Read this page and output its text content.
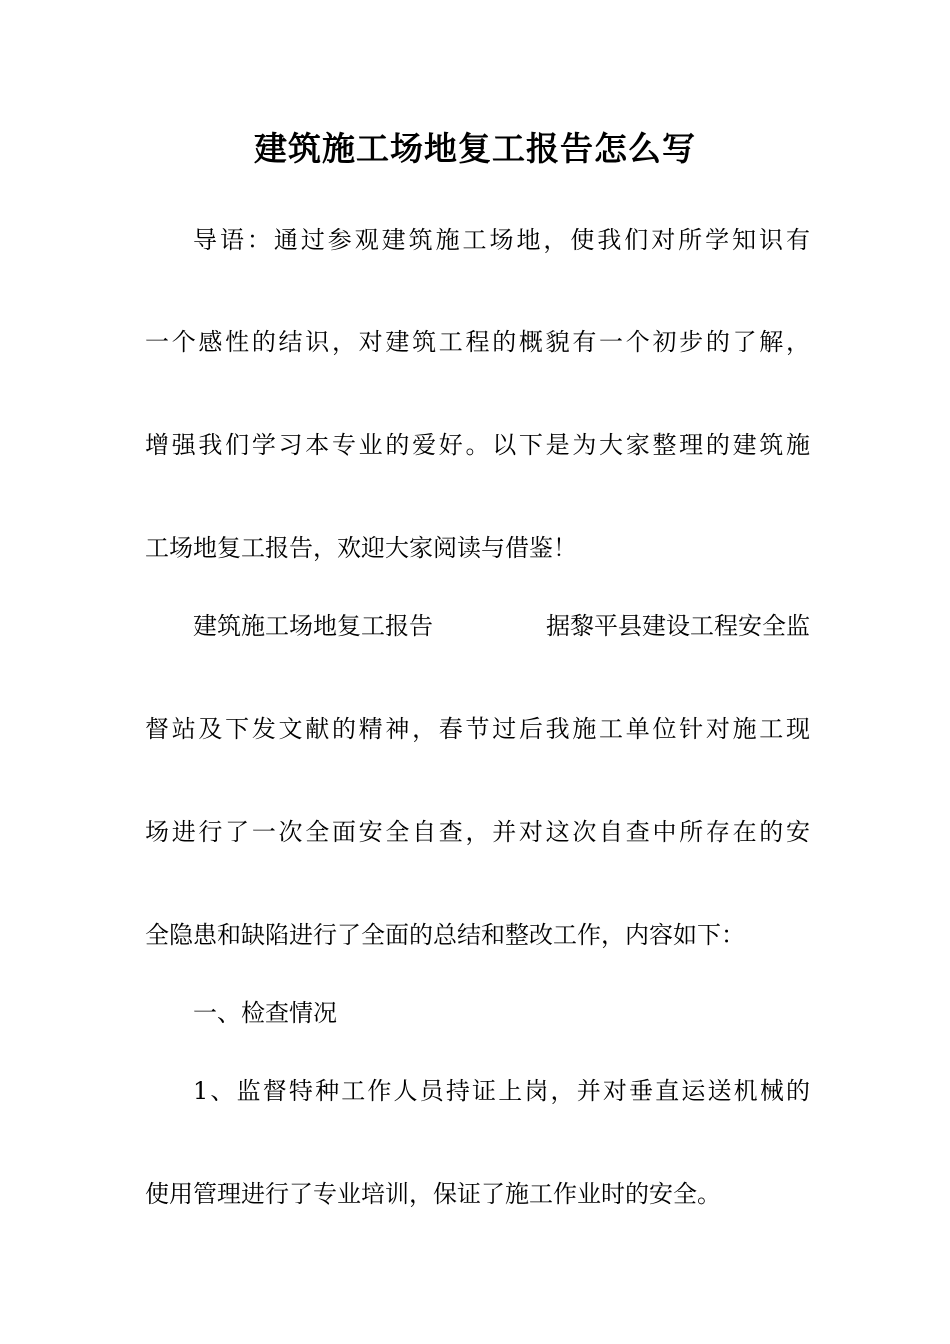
建筑施工场地复工报告怎么写
导语：通过参观建筑施工场地，使我们对所学知识有
一个感性的结识，对建筑工程的概貌有一个初步的了解，
增强我们学习本专业的爱好。以下是为大家整理的建筑施
工场地复工报告，欢迎大家阅读与借鉴！
建筑施工场地复工报告	据黎平县建设工程安全监
督站及下发文献的精神，春节过后我施工单位针对施工现
场进行了一次全面安全自查，并对这次自查中所存在的安
全隐患和缺陷进行了全面的总结和整改工作，内容如下：
一、检查情况
1、监督特种工作人员持证上岗，并对垂直运送机械的
使用管理进行了专业培训，保证了施工作业时的安全。
